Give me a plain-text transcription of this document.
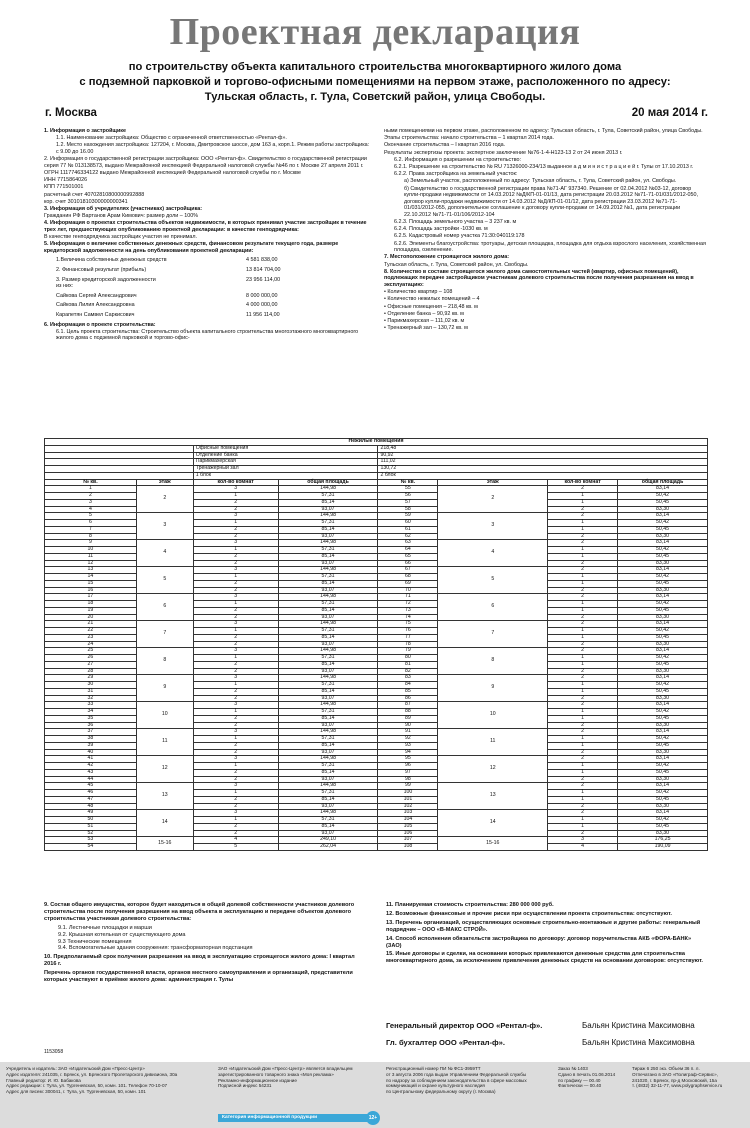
Проектная декларация
по строительству объекта капитального строительства многоквартирного жилого дома
с подземной парковкой и торгово-офисными помещениями на первом этаже, расположенного по адресу:
Тульская область, г. Тула, Советский район, улица Свободы.
г. Москва	20 мая 2014 г.

1. Информация о застройщике

1.1. Наименование застройщика: Общество с ограниченной ответственностью «Рентал-ф».

1.2. Место нахождения застройщика: 127204, г. Москва, Дмитровское шоссе, дом 163 а, корп.1. Режим работы застройщика: с 9.00 до 16.00

2. Информация о государственной регистрации застройщика: ООО «Рентал-ф». Свидетельство о государственной регистрации серия 77 № 013138573, выдано Межрайонной инспекцией Федеральной налоговой службы №46 по г. Москве 27 апреля 2011 г.

ОГРН 1117746334122 выдано Межрайонной инспекцией Федеральной налоговой службы по г. Москве

ИНН 7715864026

КПП 771501001

расчетный счет 40702810800000992888

кор. счет 30101810300000000341

3. Информация об учредителях (участниках) застройщика:

Гражданин РФ Вартанов Арам Кимович: размер доли – 100%

4. Информация о проектах строительства объектов недвижимости, в которых принимал участие застройщик в течение трех лет, предшествующих опубликованию проектной декларации: в качестве генподрядчика:

В качестве генподрядчика застройщик участия не принимал.

5. Информация о величине собственных денежных средств, финансовом результате текущего года, размере кредиторской задолженности на день опубликования проектной декларации:

1.Величина собственных денежных средств	4 581 838,00
2. Финансовый результат (прибыль)	13 814 704,00
3. Размер кредиторской задолженности	23 956 114,00
из них:
Сайкова Сергей Александрович	8 000 000,00
Сайкова Лилия Александровна	4 000 000,00
Карапетян Самвел Саркисович	11 956 114,00

6. Информация о проекте строительства:

6.1. Цель проекта строительства: Строительство объекта капитального строительства многоэтажного многоквартирного жилого дома с подземной парковкой и торгово-офис-

ными помещениями на первом этаже, расположенном по адресу: Тульская область, г. Тула, Советский район, улица Свободы.

Этапы строительства: начало строительства – 1 квартал 2014 года.

Окончание строительства – I квартал 2016 года.

Результаты экспертизы проекта: экспертное заключение №76-1-4-Н123-13 2 от 24 июня 2013 г.

6.2. Информация о разрешении на строительство:

6.2.1. Разрешение на строительство № RU 71326000-234/13 выданное а д м и н и с т р а ц и е й г. Тулы от 17.10.2013 г.

6.2.2. Права застройщика на земельный участок:

а) Земельный участок, расположенный по адресу: Тульская область, г. Тула, Советский район, ул. Свободы.

б) Свидетельство о государственной регистрации права №71-АГ 937340. Решение от 02.04.2012 №03-12, договор купли-продажи недвижимости от 14.03.2012 №Д/КП-01-01/13, дата регистрации 20.03.2012 №71-71-01/031/2012-050, договор купли-продажи недвижимости от 14.03.2012 №Д/КП-01-01/12, дата регистрации 23.03.2012 №71-71-01/031/2012-055, дополнительное соглашение к договору купли-продажи от 14.09.2012 №1, дата регистрации 22.10.2012 №71-71-01/106/2012-104

6.2.3. Площадь земельного участка – 3 237 кв. м

6.2.4. Площадь застройки -1030 кв. м

6.2.5. Кадастровый номер участка 71:30:040119:178

6.2.6. Элементы благоустройства: тротуары, детская площадка, площадка для отдыха взрослого населения, хозяйственная площадка, озеленение.

7. Местоположение строящегося жилого дома:

Тульская область, г. Тула, Советский район, ул. Свободы.

8. Количество в составе строящегося жилого дома самостоятельных частей (квартир, офисных помещений), подлежащих передаче застройщиком участникам долевого строительства после получения разрешения на ввод в эксплуатацию:

• Количество квартир – 108

• Количество нежилых помещений – 4

• Офисные помещения – 218,48 кв. м

• Отделение банка – 90,92 кв. м

• Парикмахерская – 111,02 кв. м

• Тренажерный зал – 130,72 кв. м

Нежилые помещения							
		Офисные помещения		218,48			
		Отделение банка		90,92			
		Парикмахерская		111,02			
		Тренажерный зал		130,72			
		1 блок		2 блок			
№ кв.	этаж	кол-во комнат	общая площадь	№ кв.	этаж	кол-во комнат	общая площадь
1	2	3	144,98	55	2	2	83,14
2		1	57,31	56		1	50,42
3		2	85,14	57		1	50,45
4		2	93,07	58		2	83,30
5	3	3	144,98	59	3	2	83,14
6		1	57,31	60		1	50,42
7		2	85,14	61		1	50,45
8		2	93,07	62		2	83,30
9	4	3	144,98	63	4	2	83,14
10		1	57,31	64		1	50,42
11		2	85,14	65		1	50,45
12		2	93,07	66		2	83,30
13	5	3	144,98	67	5	2	83,14
14		1	57,31	68		1	50,42
15		2	85,14	69		1	50,45
16		2	93,07	70		2	83,30
17	6	3	144,98	71	6	2	83,14
18		1	57,31	72		1	50,42
19		2	85,14	73		1	50,45
20		2	93,07	74		2	83,30
21	7	3	144,98	75	7	2	83,14
22		1	57,31	76		1	50,42
23		2	85,14	77		1	50,45
24		2	93,07	78		2	83,30
25	8	3	144,98	79	8	2	83,14
26		1	57,31	80		1	50,42
27		2	85,14	81		1	50,45
28		2	93,07	82		2	83,30
29	9	3	144,98	83	9	2	83,14
30		1	57,31	84		1	50,42
31		2	85,14	85		1	50,45
32		2	93,07	86		2	83,30
33	10	3	144,98	87	10	2	83,14
34		1	57,31	88		1	50,42
35		2	85,14	89		1	50,45
36		2	93,07	90		2	83,30
37	11	3	144,98	91	11	2	83,14
38		1	57,31	92		1	50,42
39		2	85,14	93		1	50,45
40		2	93,07	94		2	83,30
41	12	3	144,98	95	12	2	83,14
42		1	57,31	96		1	50,42
43		2	85,14	97		1	50,45
44		2	93,07	98		2	83,30
45	13	3	144,98	99	13	2	83,14
46		1	57,31	100		1	50,42
47		2	85,14	101		1	50,45
48		2	93,07	102		2	83,30
49	14	3	144,98	103	14	2	83,14
50		1	57,31	104		1	50,42
51		2	85,14	105		1	50,45
52		2	93,07	106		2	83,30
53	15-16	4	249,10	107	15-16	3	176,25
54		5	262,04	108		4	190,09

9. Состав общего имущества, которое будет находиться в общей долевой собственности участников долевого строительства после получения разрешения на ввод объекта в эксплуатацию и передаче объектов долевого строительства участникам долевого строительства:

9.1. Лестничные площадки и марши
9.2. Крышная котельная от существующего дома
9.3 Технические помещения
9.4. Вспомогательные здания сооружения: трансформаторная подстанция

10. Предполагаемый срок получения разрешения на ввод в эксплуатацию строящегося жилого дома: I квартал 2016 г.

Перечень органов государственной власти, органов местного самоуправления и организаций, представители которых участвуют в приёмке жилого дома: администрация г. Тулы

11. Планируемая стоимость строительства: 280 000 000 руб.

12. Возможные финансовые и прочие риски при осуществлении проекта строительства: отсутствуют.

13. Перечень организаций, осуществляющих основные строительно-монтажные и другие работы: генеральный подрядчик – ООО «В-МАКС СТРОЙ».

14. Способ исполнения обязательств застройщика по договору: договор поручительства АКБ «ФОРА-БАНК» (ЗАО)

15. Иные договоры и сделки, на основании которых привлекаются денежные средства для строительства многоквартирного дома, за исключением привлечения денежных средств на основании договоров: отсутствуют.

Генеральный директор ООО «Рентал-ф».	Бальян Кристина Максимовна
Гл. бухгалтер ООО «Рентал-ф».	Бальян Кристина Максимовна
1153058
Учредитель и издатель: ЗАО «Издательский Дом «Пресс-Центр»
Адрес издателя: 241035, г. Брянск, ул. Брянского Пролетарского дивизиона, 30а
Главный редактор: И. Ю. Бабакова
Адрес редакции: г. Тула, ул. Тургеневская, 50, комн. 101. Телефон 70-10-07
Адрес для писем: 300041, г. Тула, ул. Тургеневская, 50, комн. 101
ЗАО «Издательский Дом «Пресс-Центр» является владельцем
зарегистрированного товарного знака «Моя реклама»
Рекламно-информационное издание
Подписной индекс 54231
Категория информационной продукции	12+
Регистрационный номер ПИ № ФС1-3959ТТ
от 3 августа 2006 года выдан Управлением Федеральной службы
по надзору за соблюдением законодательства в сфере массовых
коммуникаций и охране культурного наследия
по Центральному федеральному округу (г. Москва)
Заказ № 1403
Сдано в печать 01.06.2014
по графику — 00.40
Фактически — 00.40
Тираж 6 250 экз. Объем 36 п. л.
Отпечатано в ЗАО «Полиграф-Сервис»,
241020, г. Брянск, пр-д Московский, 15а
т. (4832) 32-11-77, www.polygraphservice.ru
